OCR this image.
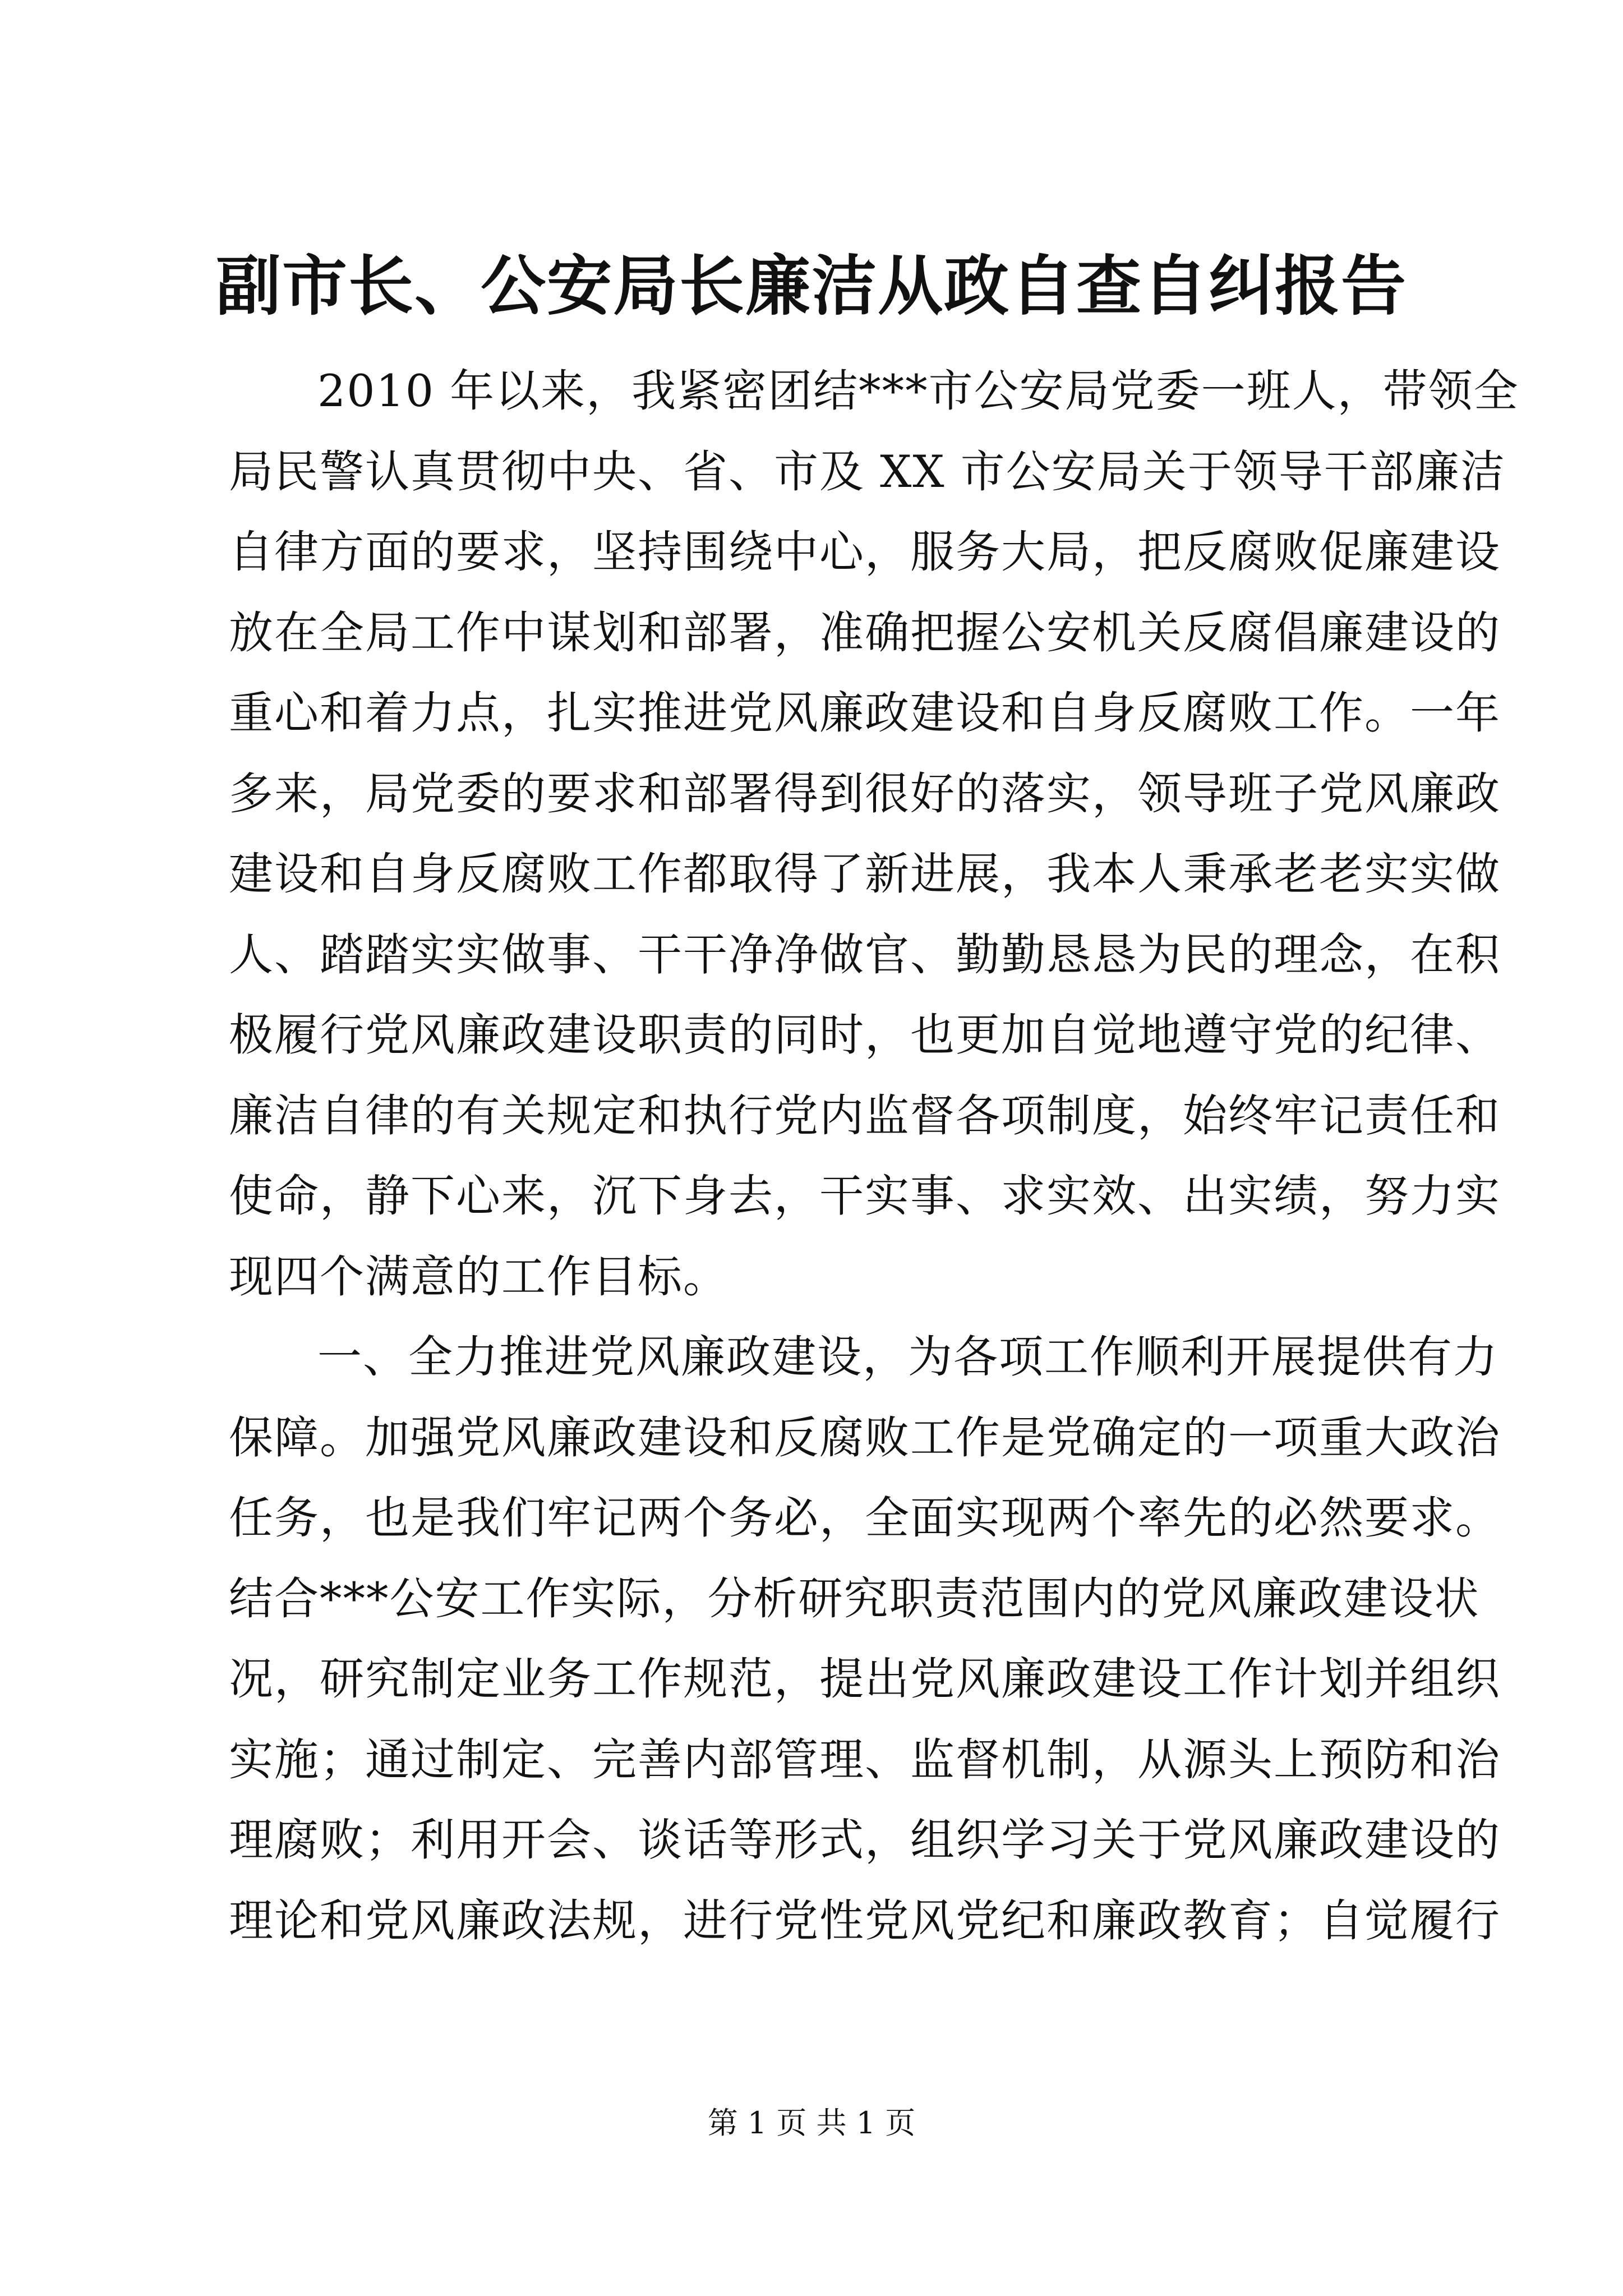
副市长、公安局长廉洁从政自查自纠报告
2010 年以来，我紧密团结***市公安局党委一班人，带领全
局民警认真贯彻中央、省、市及 XX 市公安局关于领导干部廉洁
自律方面的要求，坚持围绕中心，服务大局，把反腐败促廉建设
放在全局工作中谋划和部署，准确把握公安机关反腐倡廉建设的
重心和着力点，扎实推进党风廉政建设和自身反腐败工作。一年
多来，局党委的要求和部署得到很好的落实，领导班子党风廉政
建设和自身反腐败工作都取得了新进展，我本人秉承老老实实做
人、踏踏实实做事、干干净净做官、勤勤恳恳为民的理念，在积
极履行党风廉政建设职责的同时，也更加自觉地遵守党的纪律、
廉洁自律的有关规定和执行党内监督各项制度，始终牢记责任和
使命，静下心来，沉下身去，干实事、求实效、出实绩，努力实
现四个满意的工作目标。
一、全力推进党风廉政建设，为各项工作顺利开展提供有力
保障。加强党风廉政建设和反腐败工作是党确定的一项重大政治
任务，也是我们牢记两个务必，全面实现两个率先的必然要求。
结合***公安工作实际，分析研究职责范围内的党风廉政建设状
况，研究制定业务工作规范，提出党风廉政建设工作计划并组织
实施；通过制定、完善内部管理、监督机制，从源头上预防和治
理腐败；利用开会、谈话等形式，组织学习关于党风廉政建设的
理论和党风廉政法规，进行党性党风党纪和廉政教育；自觉履行
第 1 页 共 1 页
